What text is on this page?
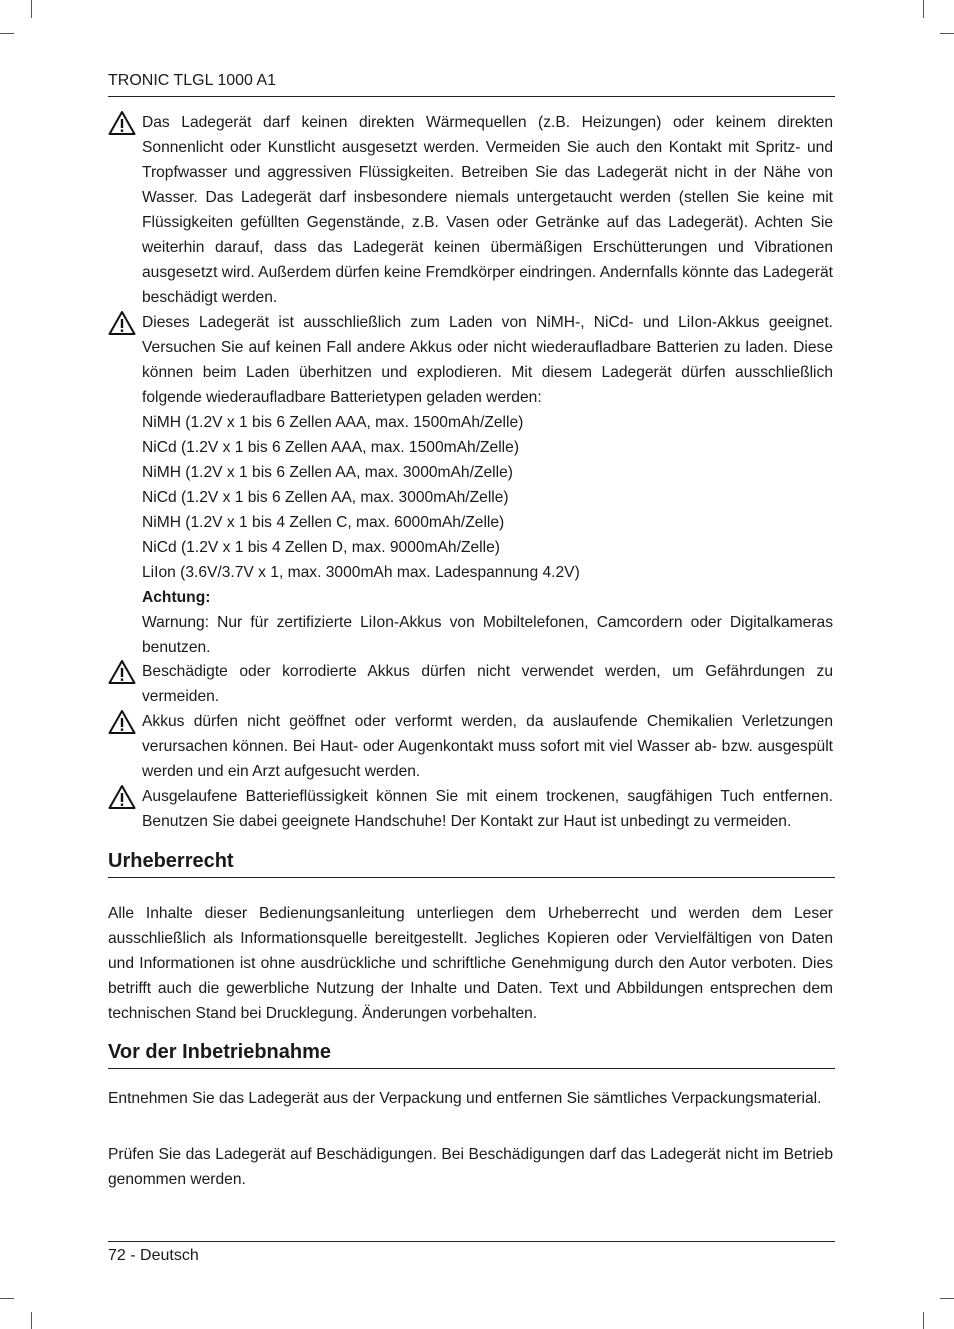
TRONIC TLGL 1000 A1
Das Ladegerät darf keinen direkten Wärmequellen (z.B. Heizungen) oder keinem direkten Sonnenlicht oder Kunstlicht ausgesetzt werden. Vermeiden Sie auch den Kontakt mit Spritz- und Tropfwasser und aggressiven Flüssigkeiten. Betreiben Sie das Ladegerät nicht in der Nähe von Wasser. Das Ladegerät darf insbesondere niemals untergetaucht werden (stellen Sie keine mit Flüssigkeiten gefüllten Gegenstände, z.B. Vasen oder Getränke auf das Ladegerät). Achten Sie weiterhin darauf, dass das Ladegerät keinen übermäßigen Erschütterungen und Vibrationen ausgesetzt wird. Außerdem dürfen keine Fremdkörper eindringen. Andernfalls könnte das Ladegerät beschädigt werden.
Dieses Ladegerät ist ausschließlich zum Laden von NiMH-, NiCd- und LiIon-Akkus geeignet. Versuchen Sie auf keinen Fall andere Akkus oder nicht wiederaufladbare Batterien zu laden. Diese können beim Laden überhitzen und explodieren. Mit diesem Ladegerät dürfen ausschließlich folgende wiederaufladbare Batterietypen geladen werden:
NiMH (1.2V x 1 bis 6 Zellen AAA, max. 1500mAh/Zelle)
NiCd (1.2V x 1 bis 6 Zellen AAA, max. 1500mAh/Zelle)
NiMH (1.2V x 1 bis 6 Zellen AA, max. 3000mAh/Zelle)
NiCd (1.2V x 1 bis 6 Zellen AA, max. 3000mAh/Zelle)
NiMH (1.2V x 1 bis 4 Zellen C, max. 6000mAh/Zelle)
NiCd (1.2V x 1 bis 4 Zellen D, max. 9000mAh/Zelle)
LiIon (3.6V/3.7V x 1, max. 3000mAh max. Ladespannung 4.2V)
Achtung:
Warnung: Nur für zertifizierte LiIon-Akkus von Mobiltelefonen, Camcordern oder Digitalkameras benutzen.
Beschädigte oder korrodierte Akkus dürfen nicht verwendet werden, um Gefährdungen zu vermeiden.
Akkus dürfen nicht geöffnet oder verformt werden, da auslaufende Chemikalien Verletzungen verursachen können. Bei Haut- oder Augenkontakt muss sofort mit viel Wasser ab- bzw. ausgespült werden und ein Arzt aufgesucht werden.
Ausgelaufene Batterieflüssigkeit können Sie mit einem trockenen, saugfähigen Tuch entfernen. Benutzen Sie dabei geeignete Handschuhe! Der Kontakt zur Haut ist unbedingt zu vermeiden.
Urheberrecht

Alle Inhalte dieser Bedienungsanleitung unterliegen dem Urheberrecht und werden dem Leser ausschließlich als Informationsquelle bereitgestellt. Jegliches Kopieren oder Vervielfältigen von Daten und Informationen ist ohne ausdrückliche und schriftliche Genehmigung durch den Autor verboten. Dies betrifft auch die gewerbliche Nutzung der Inhalte und Daten. Text und Abbildungen entsprechen dem technischen Stand bei Drucklegung. Änderungen vorbehalten.

Vor der Inbetriebnahme

Entnehmen Sie das Ladegerät aus der Verpackung und entfernen Sie sämtliches Verpackungsmaterial.

Prüfen Sie das Ladegerät auf Beschädigungen. Bei Beschädigungen darf das Ladegerät nicht im Betrieb genommen werden.

72 - Deutsch
